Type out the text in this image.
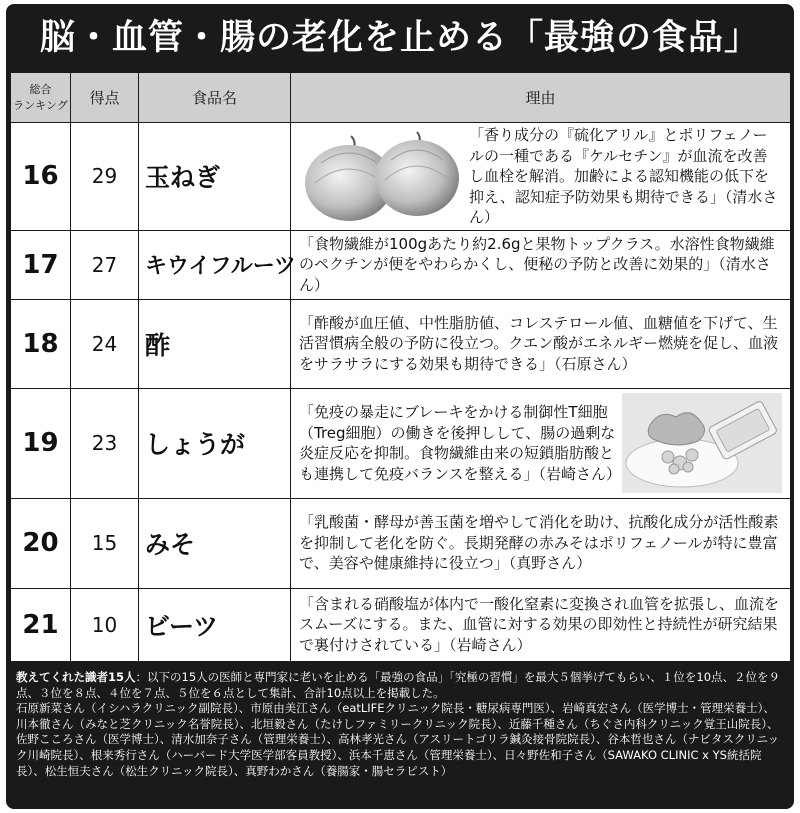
脳・血管・腸の老化を止める「最強の食品」
総合
ランキング	得点	食品名	理由
16	29	玉ねぎ	「香り成分の『硫化アリル』とポリフェノールの一種である『ケルセチン』が血流を改善し血栓を解消。加齢による認知機能の低下を抑え、認知症予防効果も期待できる」（清水さん）

17	27	キウイフルーツ	「食物繊維が100gあたり約2.6gと果物トップクラス。水溶性食物繊維のペクチンが便をやわらかくし、便秘の予防と改善に効果的」（清水さん）
18	24	酢	「酢酸が血圧値、中性脂肪値、コレステロール値、血糖値を下げて、生活習慣病全般の予防に役立つ。クエン酸がエネルギー燃焼を促し、血液をサラサラにする効果も期待できる」（石原さん）
19	23	しょうが	「免疫の暴走にブレーキをかける制御性T細胞（Treg細胞）の働きを後押しして、腸の過剰な炎症反応を抑制。食物繊維由来の短鎖脂肪酸とも連携して免疫バランスを整える」（岩崎さん）

20	15	みそ	「乳酸菌・酵母が善玉菌を増やして消化を助け、抗酸化成分が活性酸素を抑制して老化を防ぐ。長期発酵の赤みそはポリフェノールが特に豊富で、美容や健康維持に役立つ」（真野さん）
21	10	ビーツ	「含まれる硝酸塩が体内で一酸化窒素に変換され血管を拡張し、血流をスムーズにする。また、血管に対する効果の即効性と持続性が研究結果で裏付けされている」（岩崎さん）

教えてくれた識者15人：以下の15人の医師と専門家に老いを止める「最強の食品」「究極の習慣」を最大５個挙げてもらい、１位を10点、２位を９点、３位を８点、４位を７点、５位を６点として集計、合計10点以上を掲載した。

石原新菜さん（イシハラクリニック副院長）、市原由美江さん（eatLIFEクリニック院長・糖尿病専門医）、岩崎真宏さん（医学博士・管理栄養士）、川本徹さん（みなと芝クリニック名誉院長）、北垣毅さん（たけしファミリークリニック院長）、近藤千種さん（ちぐさ内科クリニック覚王山院長）、佐野こころさん（医学博士）、清水加奈子さん（管理栄養士）、高林孝光さん（アスリートゴリラ鍼灸接骨院院長）、谷本哲也さん（ナビタスクリニック川崎院長）、根来秀行さん（ハーバード大学医学部客員教授）、浜本千恵さん（管理栄養士）、日々野佐和子さん（SAWAKO CLINIC x YS統括院長）、松生恒夫さん（松生クリニック院長）、真野わかさん（養腸家・腸セラピスト）
